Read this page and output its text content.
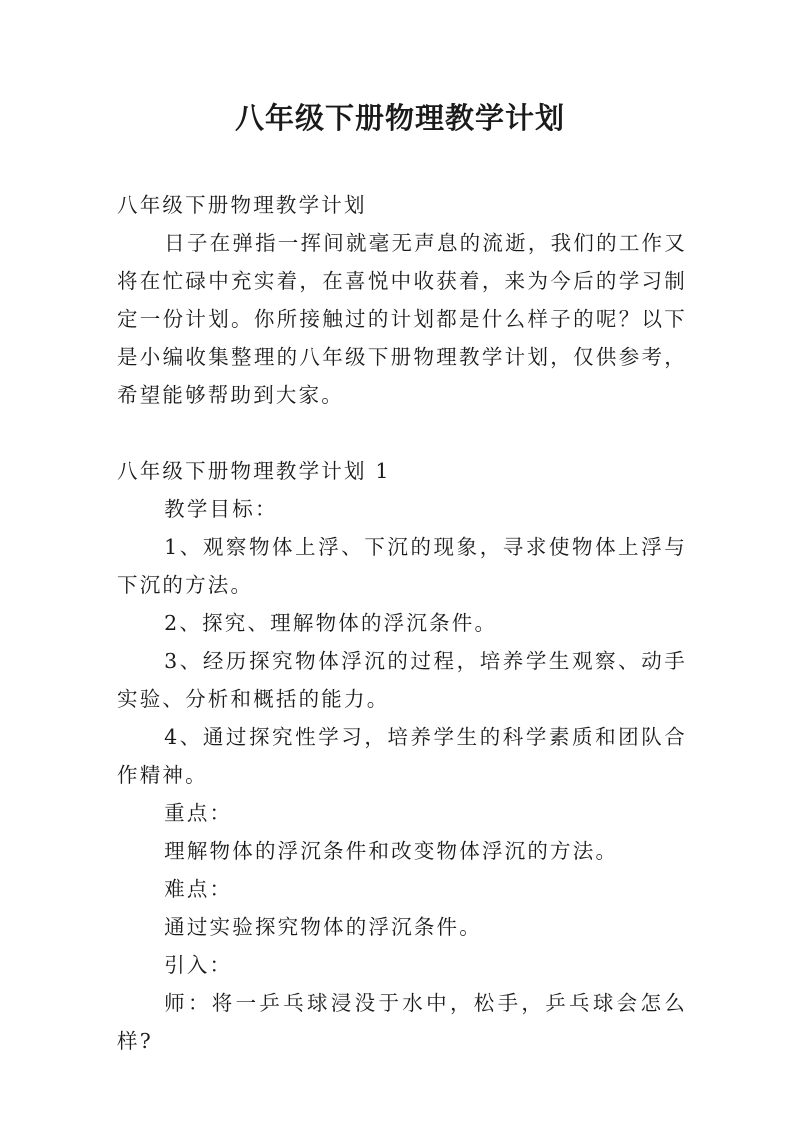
八年级下册物理教学计划

八年级下册物理教学计划

日子在弹指一挥间就毫无声息的流逝，我们的工作又将在忙碌中充实着，在喜悦中收获着，来为今后的学习制定一份计划。你所接触过的计划都是什么样子的呢？以下是小编收集整理的八年级下册物理教学计划，仅供参考，希望能够帮助到大家。

八年级下册物理教学计划 1

教学目标：

1、观察物体上浮、下沉的现象，寻求使物体上浮与下沉的方法。

2、探究、理解物体的浮沉条件。

3、经历探究物体浮沉的过程，培养学生观察、动手实验、分析和概括的能力。

4、通过探究性学习，培养学生的科学素质和团队合作精神。

重点：

理解物体的浮沉条件和改变物体浮沉的方法。

难点：

通过实验探究物体的浮沉条件。

引入：

师：将一乒乓球浸没于水中，松手，乒乓球会怎么样?
